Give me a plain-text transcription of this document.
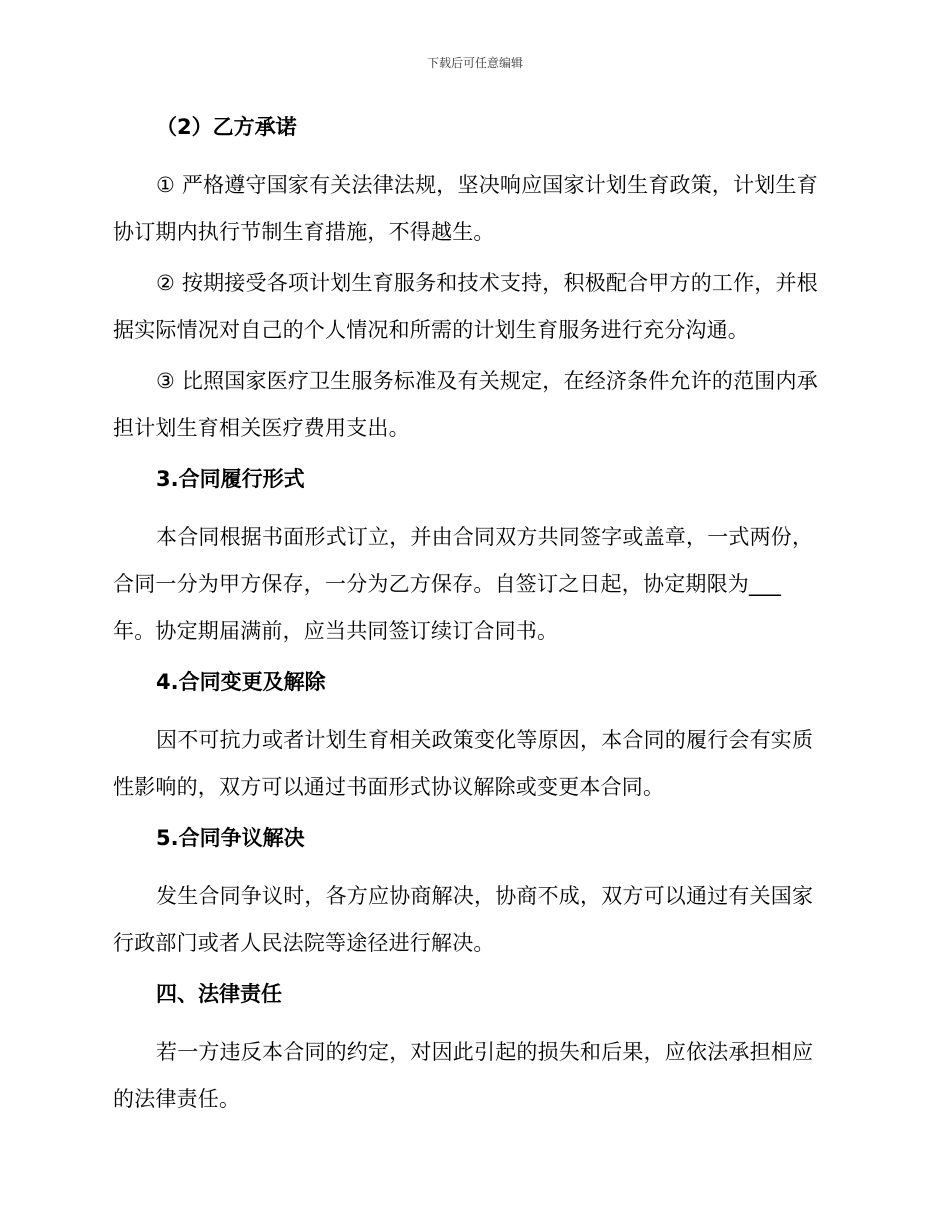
下载后可任意编辑
（2）乙方承诺
① 严格遵守国家有关法律法规，坚决响应国家计划生育政策，计划生育
协订期内执行节制生育措施，不得越生。
② 按期接受各项计划生育服务和技术支持，积极配合甲方的工作，并根
据实际情况对自己的个人情况和所需的计划生育服务进行充分沟通。
③ 比照国家医疗卫生服务标准及有关规定，在经济条件允许的范围内承
担计划生育相关医疗费用支出。
3.合同履行形式
本合同根据书面形式订立，并由合同双方共同签字或盖章，一式两份，
合同一分为甲方保存，一分为乙方保存。自签订之日起，协定期限为___
年。协定期届满前，应当共同签订续订合同书。
4.合同变更及解除
因不可抗力或者计划生育相关政策变化等原因，本合同的履行会有实质
性影响的，双方可以通过书面形式协议解除或变更本合同。
5.合同争议解决
发生合同争议时，各方应协商解决，协商不成，双方可以通过有关国家
行政部门或者人民法院等途径进行解决。
四、法律责任
若一方违反本合同的约定，对因此引起的损失和后果，应依法承担相应
的法律责任。
